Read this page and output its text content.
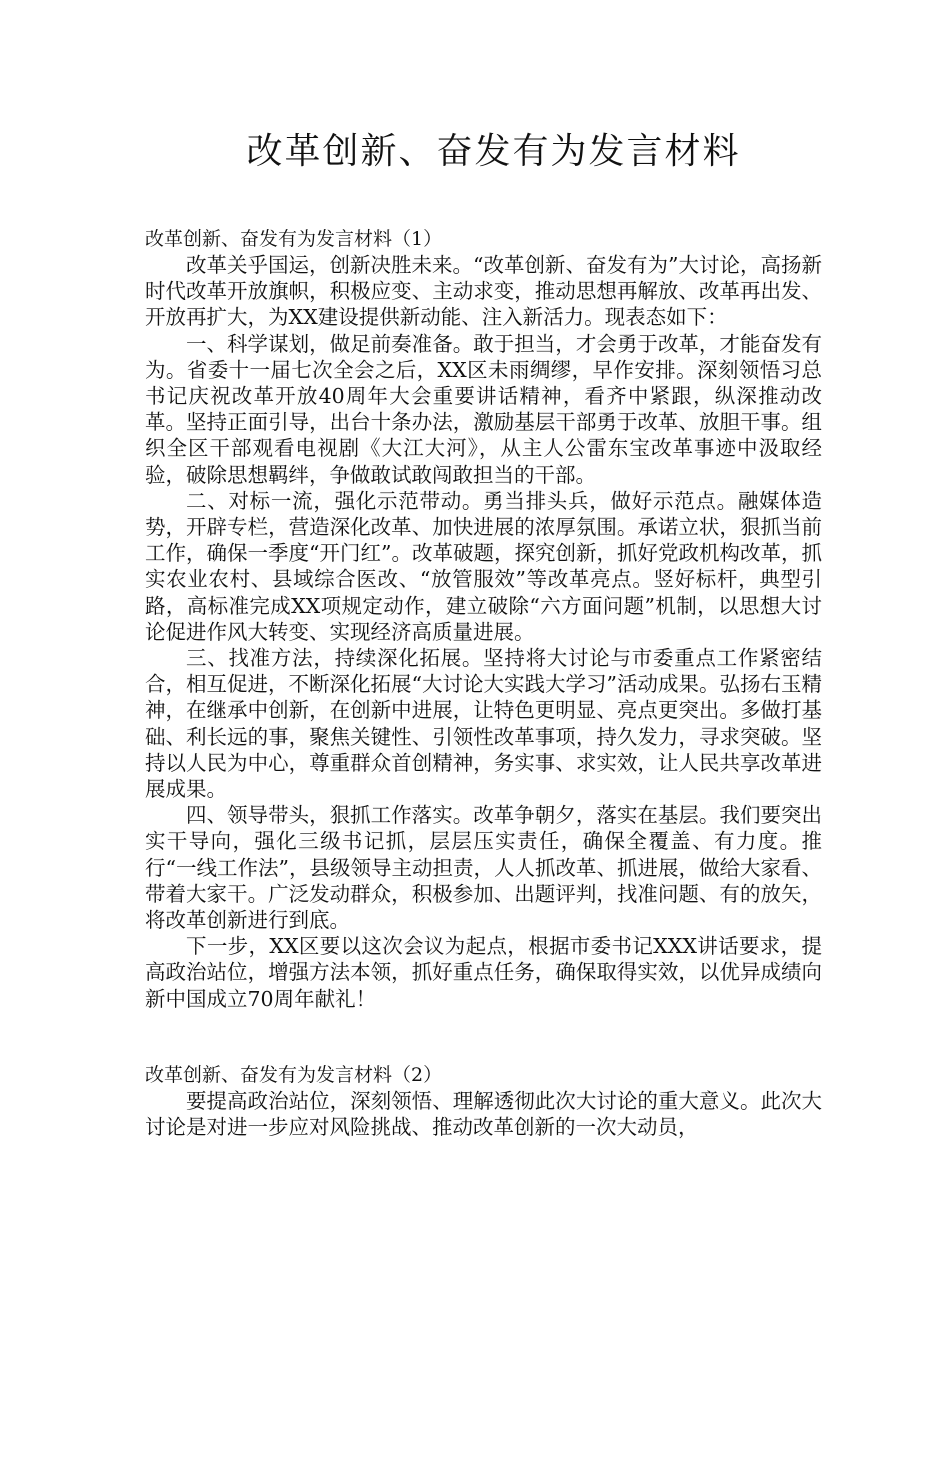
改革创新、奋发有为发言材料

改革创新、奋发有为发言材料（1）

改革关乎国运，创新决胜未来。“改革创新、奋发有为”大讨论，高扬新时代改革开放旗帜，积极应变、主动求变，推动思想再解放、改革再出发、开放再扩大，为XX建设提供新动能、注入新活力。现表态如下：

一、科学谋划，做足前奏准备。敢于担当，才会勇于改革，才能奋发有为。省委十一届七次全会之后，XX区未雨绸缪，早作安排。深刻领悟习总书记庆祝改革开放40周年大会重要讲话精神，看齐中紧跟，纵深推动改革。坚持正面引导，出台十条办法，激励基层干部勇于改革、放胆干事。组织全区干部观看电视剧《大江大河》，从主人公雷东宝改革事迹中汲取经验，破除思想羁绊，争做敢试敢闯敢担当的干部。

二、对标一流，强化示范带动。勇当排头兵，做好示范点。融媒体造势，开辟专栏，营造深化改革、加快进展的浓厚氛围。承诺立状，狠抓当前工作，确保一季度“开门红”。改革破题，探究创新，抓好党政机构改革，抓实农业农村、县域综合医改、“放管服效”等改革亮点。竖好标杆，典型引路，高标准完成XX项规定动作，建立破除“六方面问题”机制，以思想大讨论促进作风大转变、实现经济高质量进展。

三、找准方法，持续深化拓展。坚持将大讨论与市委重点工作紧密结合，相互促进，不断深化拓展“大讨论大实践大学习”活动成果。弘扬右玉精神，在继承中创新，在创新中进展，让特色更明显、亮点更突出。多做打基础、利长远的事，聚焦关键性、引领性改革事项，持久发力，寻求突破。坚持以人民为中心，尊重群众首创精神，务实事、求实效，让人民共享改革进展成果。

四、领导带头，狠抓工作落实。改革争朝夕，落实在基层。我们要突出实干导向，强化三级书记抓，层层压实责任，确保全覆盖、有力度。推行“一线工作法”，县级领导主动担责，人人抓改革、抓进展，做给大家看、带着大家干。广泛发动群众，积极参加、出题评判，找准问题、有的放矢，将改革创新进行到底。

下一步，XX区要以这次会议为起点，根据市委书记XXX讲话要求，提高政治站位，增强方法本领，抓好重点任务，确保取得实效，以优异成绩向新中国成立70周年献礼！

改革创新、奋发有为发言材料（2）

要提高政治站位，深刻领悟、理解透彻此次大讨论的重大意义。此次大讨论是对进一步应对风险挑战、推动改革创新的一次大动员，
